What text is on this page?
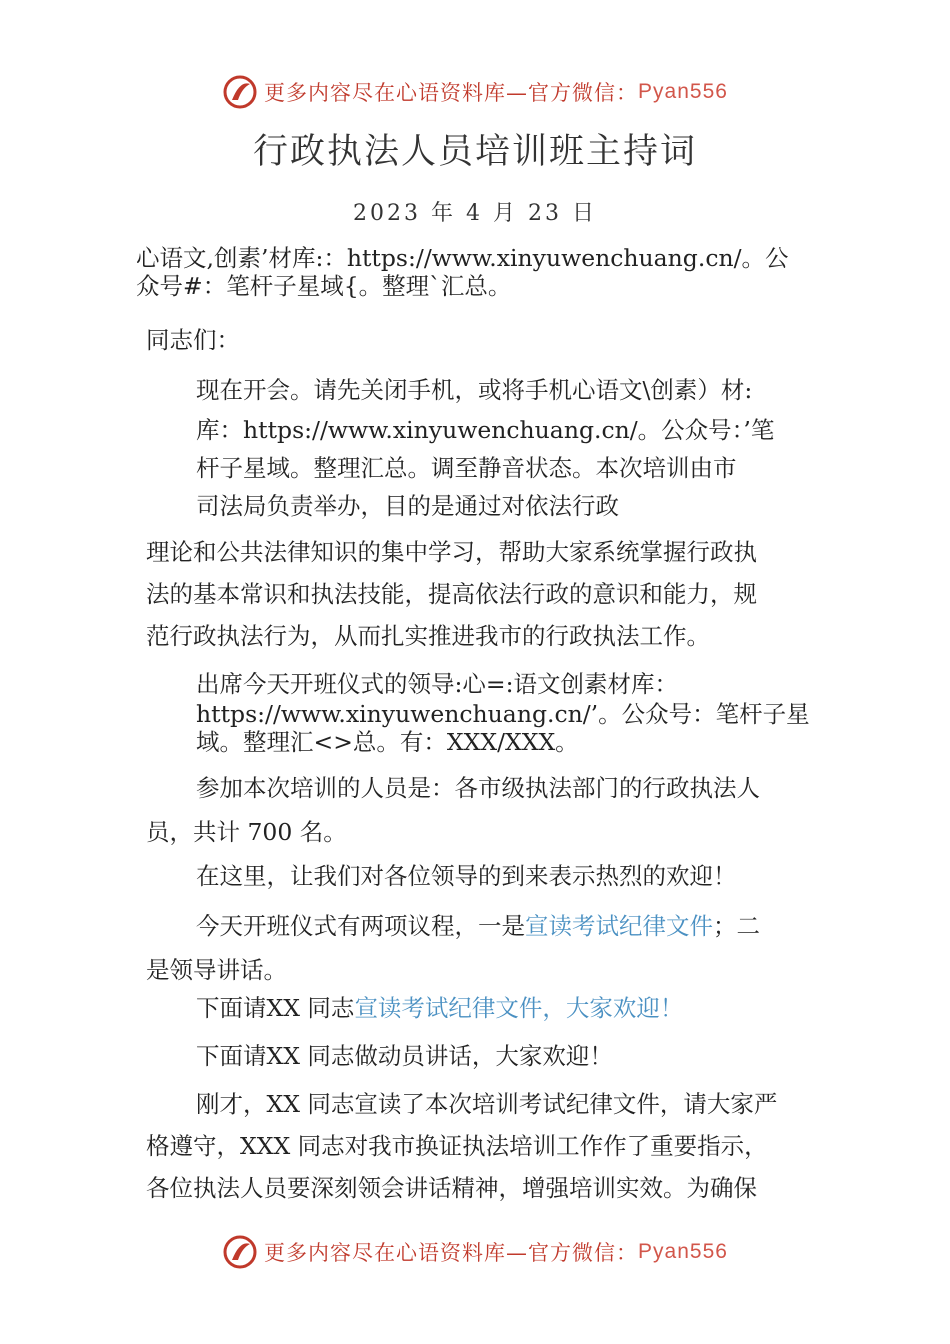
更多内容尽在心语资料库—官方微信： Pyan556
行政执法人员培训班主持词
2023 年 4 月 23 日
心语文,创素’材库:：https://www.xinyuwenchuang.cn/。公
众号#：笔杆子星域{。整理`汇总。
同志们：
现在开会。请先关闭手机，或将手机心语文\创素）材:
库：https://www.xinyuwenchuang.cn/。公众号：’笔
杆子星域。整理汇总。调至静音状态。本次培训由市
司法局负责举办，目的是通过对依法行政
理论和公共法律知识的集中学习，帮助大家系统掌握行政执
法的基本常识和执法技能，提高依法行政的意识和能力，规
范行政执法行为，从而扎实推进我市的行政执法工作。
出席今天开班仪式的领导:心=:语文创素材库：
https://www.xinyuwenchuang.cn/’。公众号：笔杆子星
域。整理汇<>总。有：XXX/XXX。
参加本次培训的人员是：各市级执法部门的行政执法人
员，共计 700 名。
在这里，让我们对各位领导的到来表示热烈的欢迎！
今天开班仪式有两项议程，一是宣读考试纪律文件；二
是领导讲话。
下面请XX 同志宣读考试纪律文件，大家欢迎！
下面请XX 同志做动员讲话，大家欢迎！
刚才，XX 同志宣读了本次培训考试纪律文件，请大家严
格遵守，XXX 同志对我市换证执法培训工作作了重要指示，
各位执法人员要深刻领会讲话精神，增强培训实效。为确保
更多内容尽在心语资料库—官方微信： Pyan556
